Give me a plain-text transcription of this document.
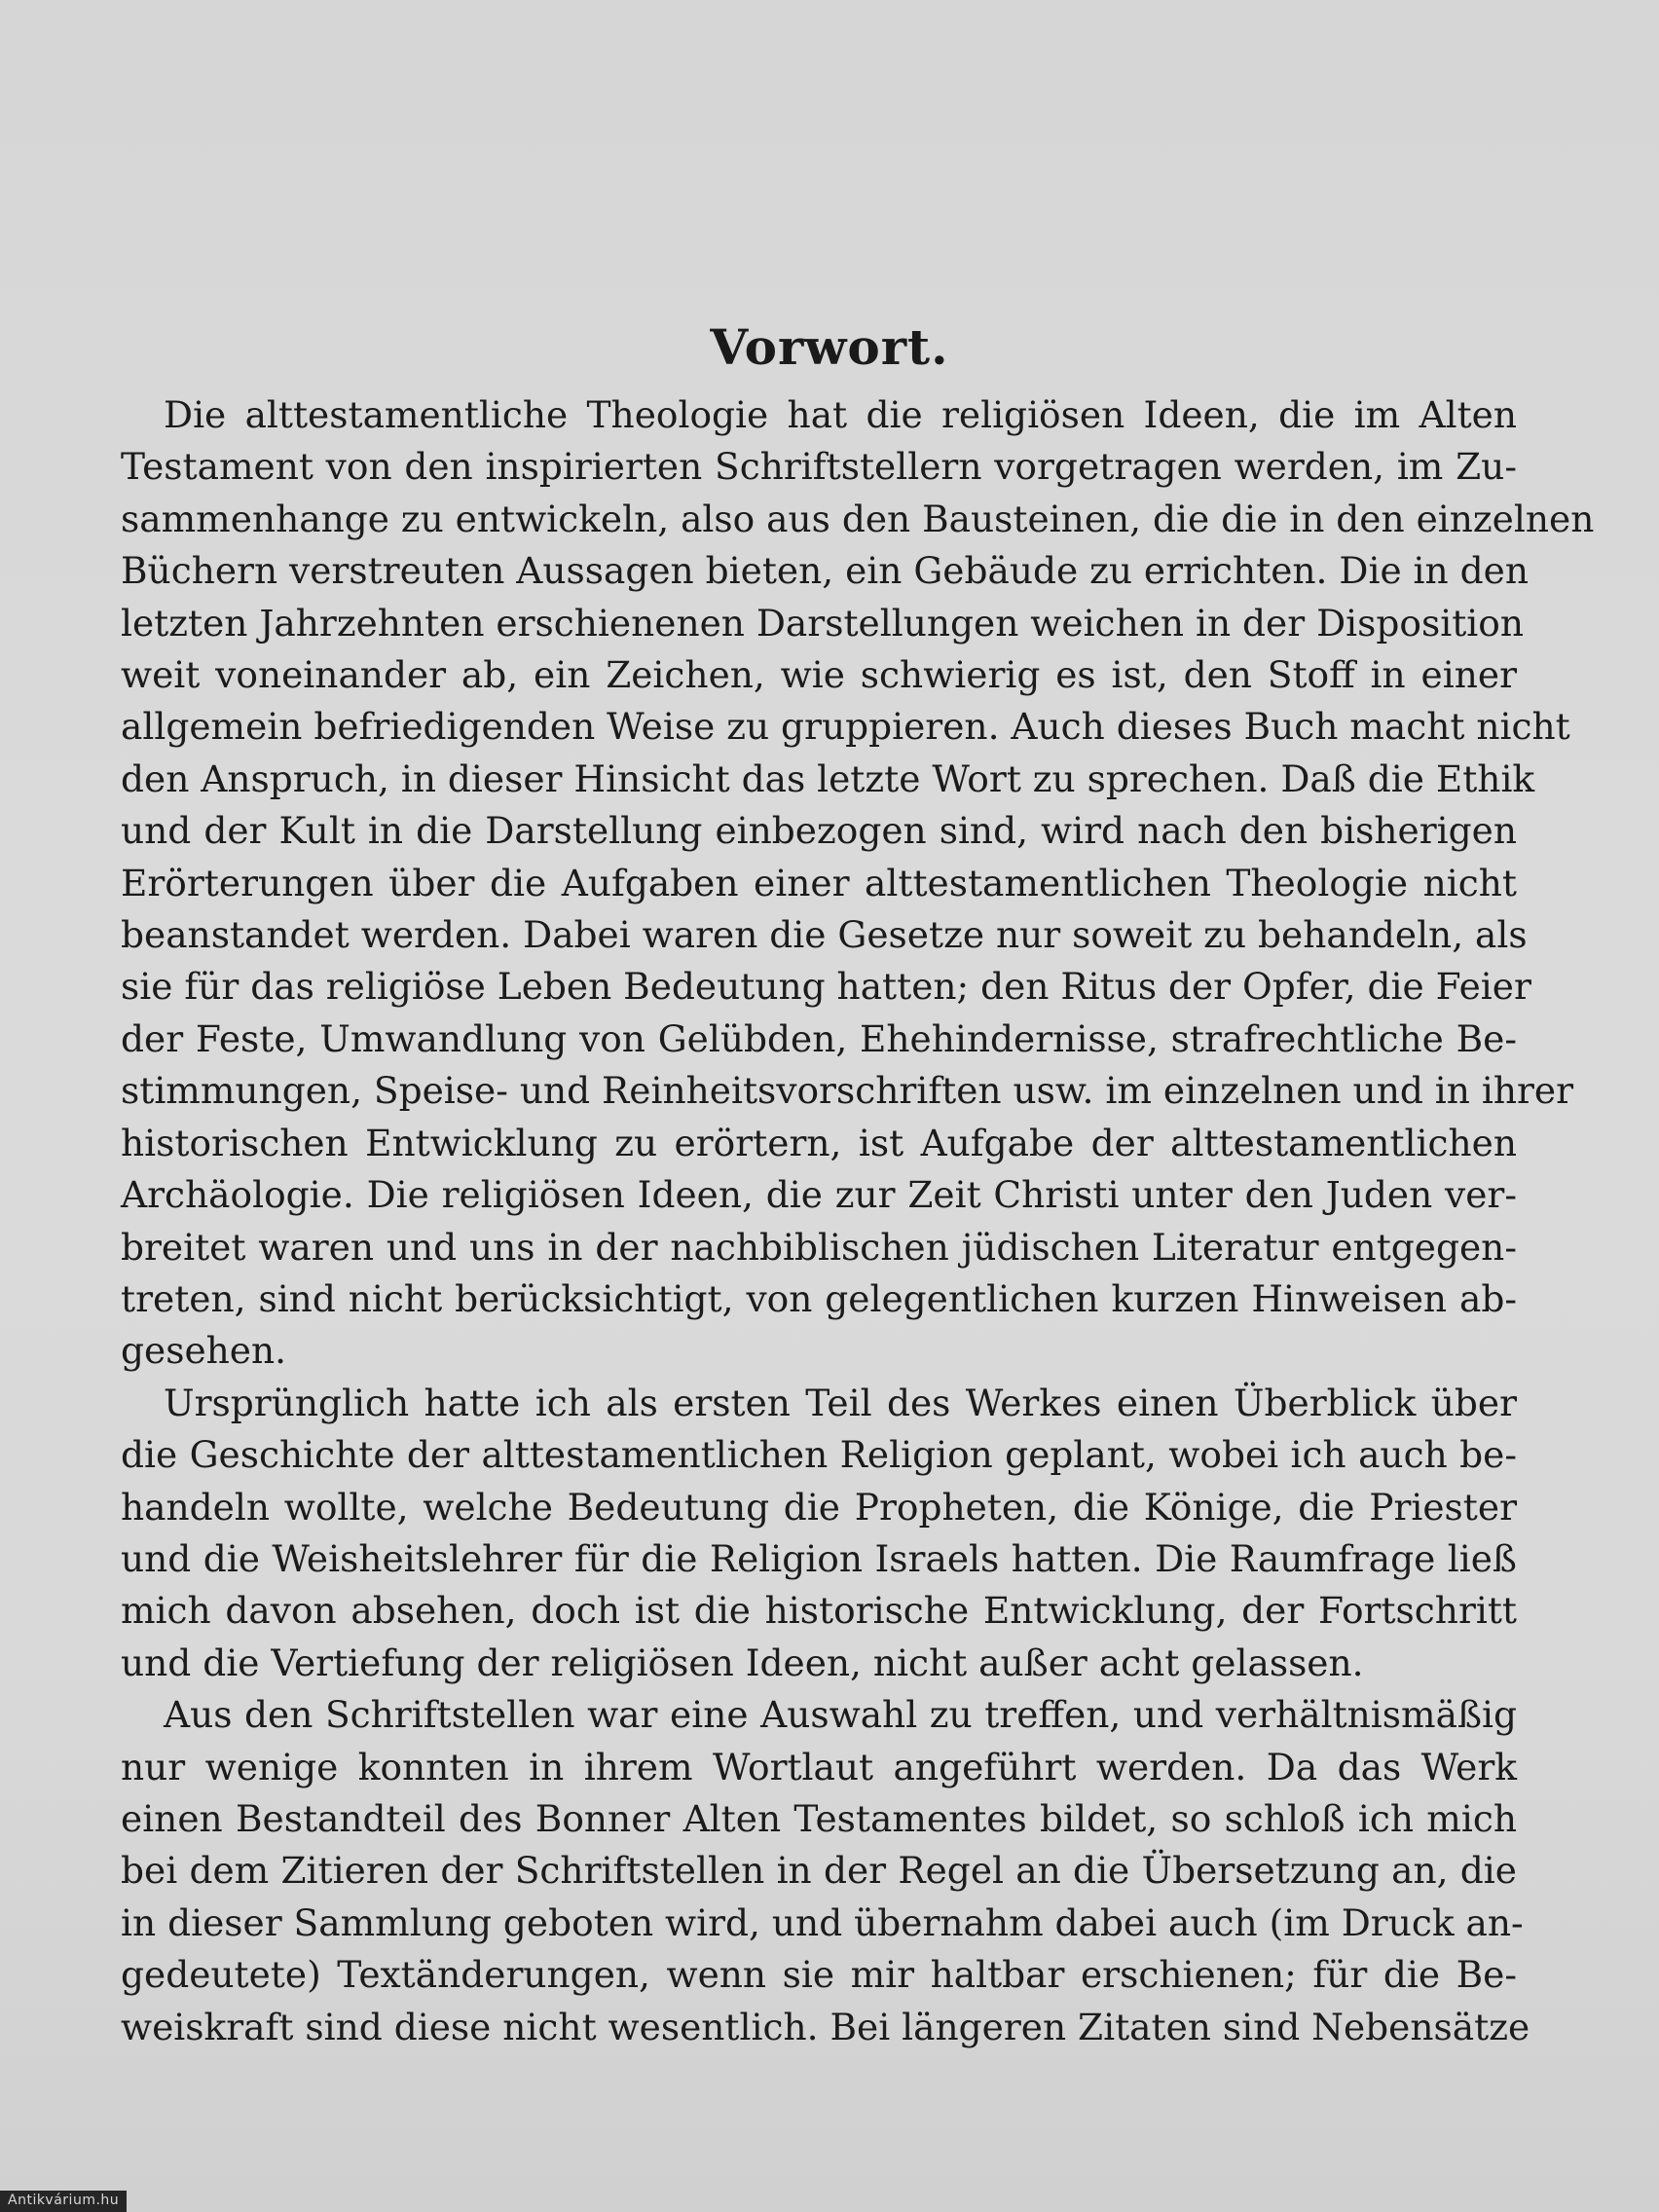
Vorwort.
Die alttestamentliche Theologie hat die religiösen Ideen, die im Alten
Testament von den inspirierten Schriftstellern vorgetragen werden, im Zu-
sammenhange zu entwickeln, also aus den Bausteinen, die die in den einzelnen
Büchern verstreuten Aussagen bieten, ein Gebäude zu errichten. Die in den
letzten Jahrzehnten erschienenen Darstellungen weichen in der Disposition
weit voneinander ab, ein Zeichen, wie schwierig es ist, den Stoff in einer
allgemein befriedigenden Weise zu gruppieren. Auch dieses Buch macht nicht
den Anspruch, in dieser Hinsicht das letzte Wort zu sprechen. Daß die Ethik
und der Kult in die Darstellung einbezogen sind, wird nach den bisherigen
Erörterungen über die Aufgaben einer alttestamentlichen Theologie nicht
beanstandet werden. Dabei waren die Gesetze nur soweit zu behandeln, als
sie für das religiöse Leben Bedeutung hatten; den Ritus der Opfer, die Feier
der Feste, Umwandlung von Gelübden, Ehehindernisse, strafrechtliche Be-
stimmungen, Speise- und Reinheitsvorschriften usw. im einzelnen und in ihrer
historischen Entwicklung zu erörtern, ist Aufgabe der alttestamentlichen
Archäologie. Die religiösen Ideen, die zur Zeit Christi unter den Juden ver-
breitet waren und uns in der nachbiblischen jüdischen Literatur entgegen-
treten, sind nicht berücksichtigt, von gelegentlichen kurzen Hinweisen ab-
gesehen.
Ursprünglich hatte ich als ersten Teil des Werkes einen Überblick über
die Geschichte der alttestamentlichen Religion geplant, wobei ich auch be-
handeln wollte, welche Bedeutung die Propheten, die Könige, die Priester
und die Weisheitslehrer für die Religion Israels hatten. Die Raumfrage ließ
mich davon absehen, doch ist die historische Entwicklung, der Fortschritt
und die Vertiefung der religiösen Ideen, nicht außer acht gelassen.
Aus den Schriftstellen war eine Auswahl zu treffen, und verhältnismäßig
nur wenige konnten in ihrem Wortlaut angeführt werden. Da das Werk
einen Bestandteil des Bonner Alten Testamentes bildet, so schloß ich mich
bei dem Zitieren der Schriftstellen in der Regel an die Übersetzung an, die
in dieser Sammlung geboten wird, und übernahm dabei auch (im Druck an-
gedeutete) Textänderungen, wenn sie mir haltbar erschienen; für die Be-
weiskraft sind diese nicht wesentlich. Bei längeren Zitaten sind Nebensätze
Antikvárium.hu
